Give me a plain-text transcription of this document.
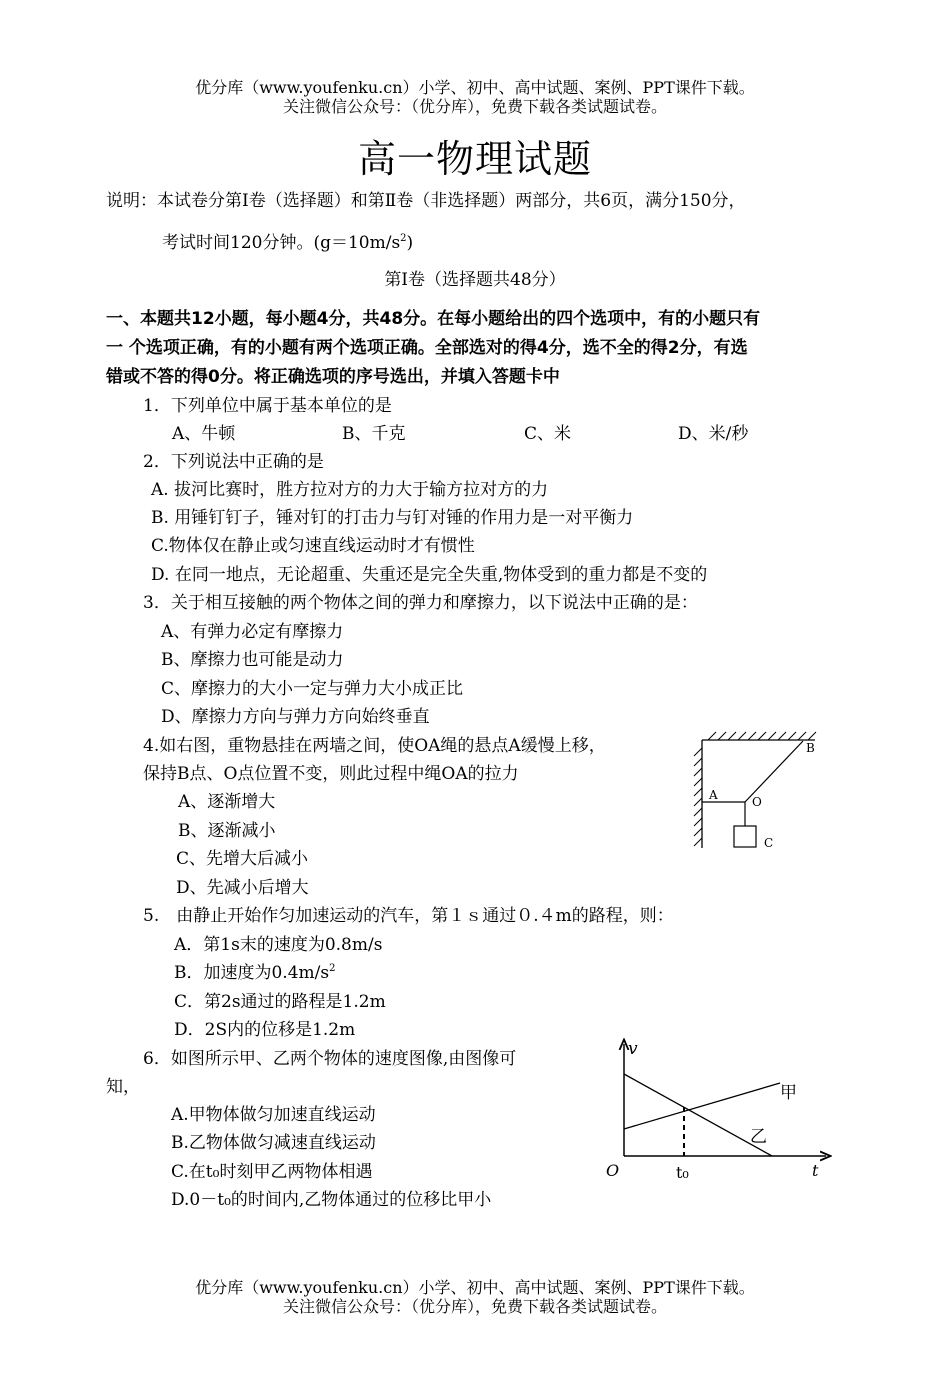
优分库（www.youfenku.cn）小学、初中、高中试题、案例、PPT课件下载。
关注微信公众号：（优分库），免费下载各类试题试卷。
高一物理试题
说明：本试卷分第Ⅰ卷（选择题）和第Ⅱ卷（非选择题）两部分，共6页，满分150分，
考试时间120分钟。$(g=10m/s^2)$
第Ⅰ卷（选择题共48分）
一、本题共12小题，每小题4分，共48分。在每小题给出的四个选项中，有的小题只有
一 个选项正确，有的小题有两个选项正确。全部选对的得4分，选不全的得2分，有选
错或不答的得0分。将正确选项的序号选出，并填入答题卡中
1．下列单位中属于基本单位的是
A、牛顿	B、千克	C、米	D、米/秒
2．下列说法中正确的是
A. 拔河比赛时，胜方拉对方的力大于输方拉对方的力
B. 用锤钉钉子，锤对钉的打击力与钉对锤的作用力是一对平衡力
C.物体仅在静止或匀速直线运动时才有惯性
D. 在同一地点，无论超重、失重还是完全失重,物体受到的重力都是不变的
3．关于相互接触的两个物体之间的弹力和摩擦力，以下说法中正确的是：
A、有弹力必定有摩擦力
B、摩擦力也可能是动力
C、摩擦力的大小一定与弹力大小成正比
D、摩擦力方向与弹力方向始终垂直
4.如右图，重物悬挂在两墙之间，使OA绳的悬点A缓慢上移，
保持B点、O点位置不变，则此过程中绳OA的拉力
A、逐渐增大
B、逐渐减小
C、先增大后减小
D、先减小后增大
A
B
O
C
5.　由静止开始作匀加速运动的汽车，第１ｓ通过０.４m的路程，则：
A．第1s末的速度为0.8m/s
B．加速度为$0.4m/s^2$
C．第2s通过的路程是1.2m
D．2S内的位移是1.2m
6．如图所示甲、乙两个物体的速度图像,由图像可
知，
A.甲物体做匀加速直线运动
B.乙物体做匀减速直线运动
C.在t₀时刻甲乙两物体相遇
D.0－t₀的时间内,乙物体通过的位移比甲小
v
t
O	t₀
甲
乙
优分库（www.youfenku.cn）小学、初中、高中试题、案例、PPT课件下载。
关注微信公众号：（优分库），免费下载各类试题试卷。
